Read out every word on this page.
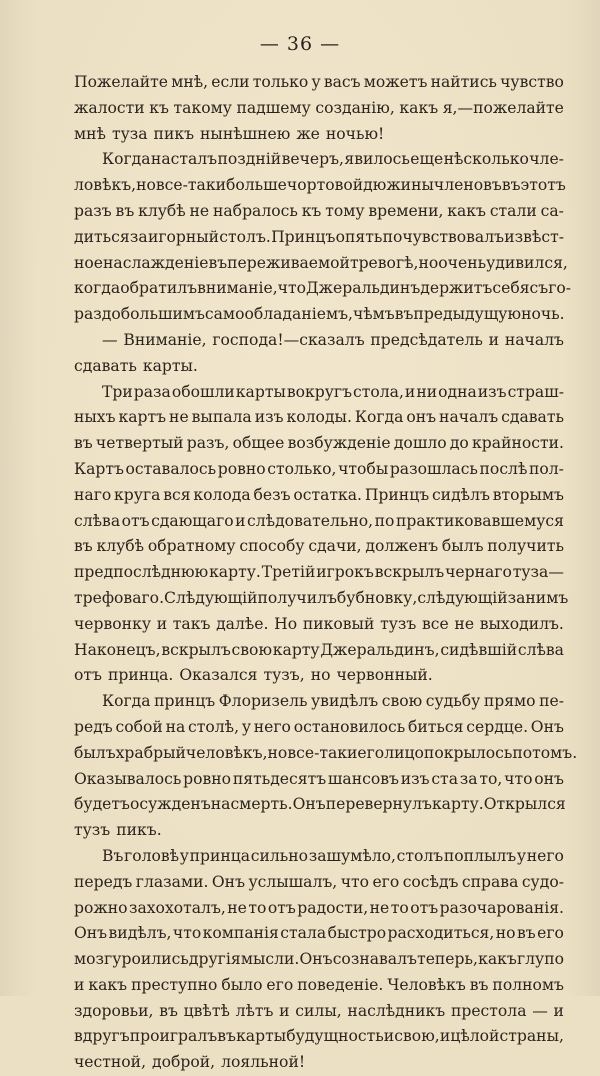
— 36 —
Пожелайте мнѣ, если только у васъ можетъ найтись чувство
жалости къ такому падшему созданію, какъ я,—пожелайте
мнѣ туза пикъ нынѣшнею же ночью!
Когда насталъ поздній вечеръ, явилось еще нѣсколько чле-
ловѣкъ, но все-таки больше чортовой дюжины членовъ въ этотъ
разъ въ клубѣ не набралось къ тому времени, какъ стали са-
диться за игорный столъ. Принцъ опять почувствовалъ извѣст-
ное наслажденіе въ переживаемой тревогѣ, но очень удивился,
когда обратилъ вниманіе, что Джеральдинъ держитъ себя съ го-
раздо большимъ самообладаніемъ, чѣмъ въ предыдущую ночь.
— Вниманіе, господа!—сказалъ предсѣдатель и началъ
сдавать карты.
Три раза обошли карты вокругъ стола, и ни одна изъ страш-
ныхъ картъ не выпала изъ колоды. Когда онъ началъ сдавать
въ четвертый разъ, общее возбужденіе дошло до крайности.
Картъ оставалось ровно столько, чтобы разошлась послѣ пол-
наго круга вся колода безъ остатка. Принцъ сидѣлъ вторымъ
слѣва отъ сдающаго и слѣдовательно, по практиковавшемуся
въ клубѣ обратному способу сдачи, долженъ былъ получить
предпослѣднюю карту. Третій игрокъ вскрылъ чернаго туза—
трефоваго. Слѣдующій получилъ бубновку, слѣдующій за нимъ
червонку и такъ далѣе. Но пиковый тузъ все не выходилъ.
Наконецъ, вскрылъ свою карту Джеральдинъ, сидѣвшій слѣва
отъ принца. Оказался тузъ, но червонный.
Когда принцъ Флоризель увидѣлъ свою судьбу прямо пе-
редъ собой на столѣ, у него остановилось биться сердце. Онъ
былъ храбрый человѣкъ, но все-таки его лицо покрылось потомъ.
Оказывалось ровно пятьдесятъ шансовъ изъ ста за то, что онъ
будетъ осужденъ на смерть. Онъ перевернулъ карту. Открылся
тузъ пикъ.
Въ головѣ у принца сильно зашумѣло, столъ поплылъ у него
передъ глазами. Онъ услышалъ, что его сосѣдъ справа судо-
рожно захохоталъ, не то отъ радости, не то отъ разочарованія.
Онъ видѣлъ, что компанія стала быстро расходиться, но въ его
мозгу роились другія мысли. Онъ сознавалъ теперь, какъ глупо
и какъ преступно было его поведеніе. Человѣкъ въ полномъ
здоровьи, въ цвѣтѣ лѣтъ и силы, наслѣдникъ престола — и
вдругъ проигралъ въ карты будущность и свою, и цѣлой страны,
честной, доброй, лояльной!
